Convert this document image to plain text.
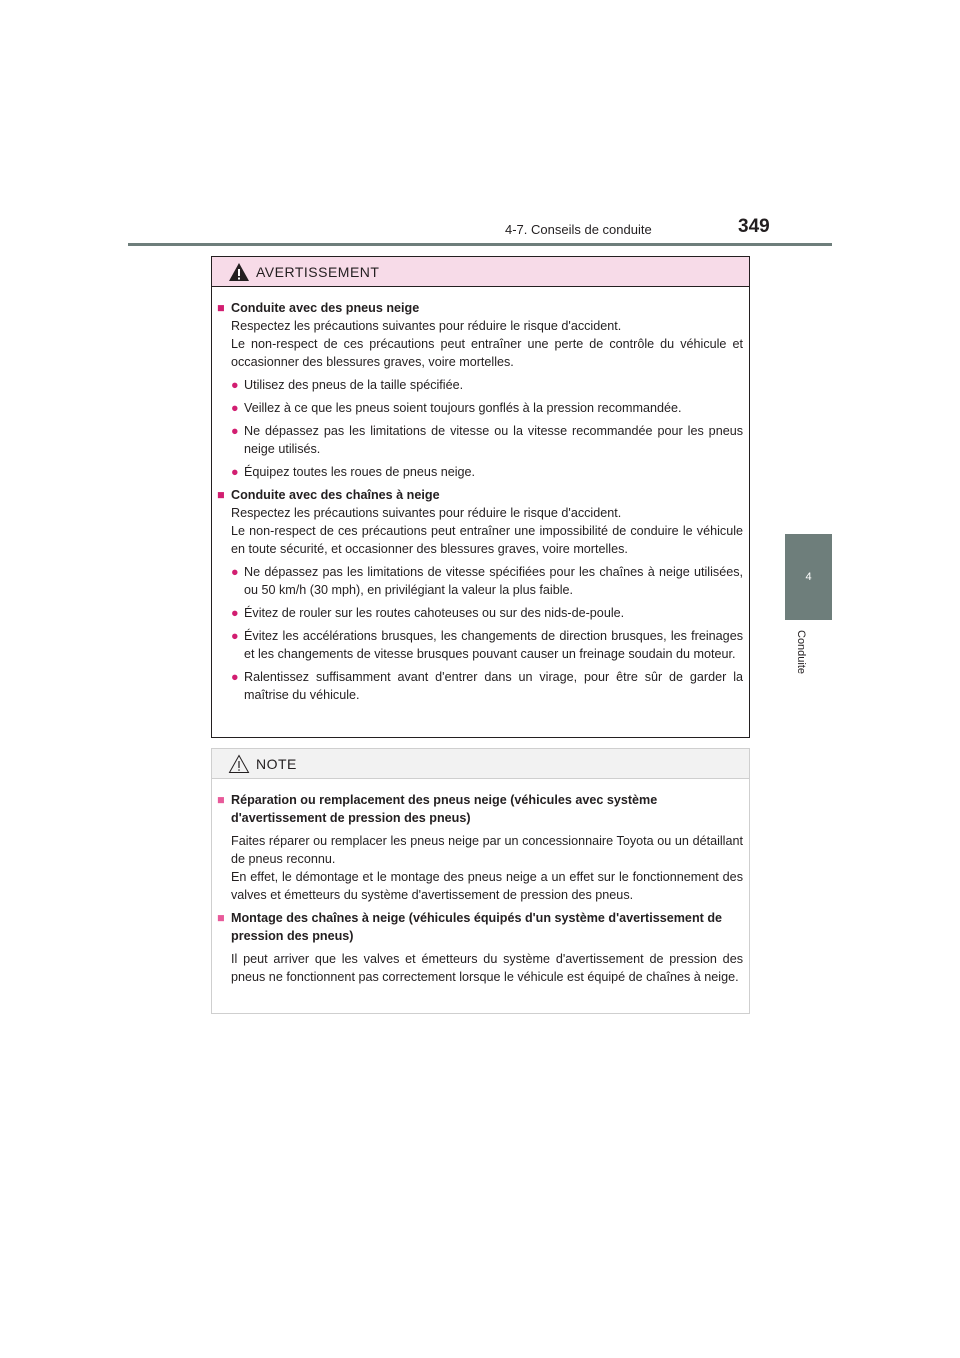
4-7. Conseils de conduite	349
4
Conduite
AVERTISSEMENT
■ Conduite avec des pneus neige
Respectez les précautions suivantes pour réduire le risque d'accident.
Le non-respect de ces précautions peut entraîner une perte de contrôle du véhicule et occasionner des blessures graves, voire mortelles.
● Utilisez des pneus de la taille spécifiée.
● Veillez à ce que les pneus soient toujours gonflés à la pression recommandée.
● Ne dépassez pas les limitations de vitesse ou la vitesse recommandée pour les pneus neige utilisés.
● Équipez toutes les roues de pneus neige.
■ Conduite avec des chaînes à neige
Respectez les précautions suivantes pour réduire le risque d'accident.
Le non-respect de ces précautions peut entraîner une impossibilité de conduire le véhicule en toute sécurité, et occasionner des blessures graves, voire mortelles.
● Ne dépassez pas les limitations de vitesse spécifiées pour les chaînes à neige utilisées, ou 50 km/h (30 mph), en privilégiant la valeur la plus faible.
● Évitez de rouler sur les routes cahoteuses ou sur des nids-de-poule.
● Évitez les accélérations brusques, les changements de direction brusques, les freinages et les changements de vitesse brusques pouvant causer un freinage soudain du moteur.
● Ralentissez suffisamment avant d'entrer dans un virage, pour être sûr de garder la maîtrise du véhicule.
NOTE
■ Réparation ou remplacement des pneus neige (véhicules avec système d'avertissement de pression des pneus)
Faites réparer ou remplacer les pneus neige par un concessionnaire Toyota ou un détaillant de pneus reconnu.
En effet, le démontage et le montage des pneus neige a un effet sur le fonctionnement des valves et émetteurs du système d'avertissement de pression des pneus.
■ Montage des chaînes à neige (véhicules équipés d'un système d'avertissement de pression des pneus)
Il peut arriver que les valves et émetteurs du système d'avertissement de pression des pneus ne fonctionnent pas correctement lorsque le véhicule est équipé de chaînes à neige.
